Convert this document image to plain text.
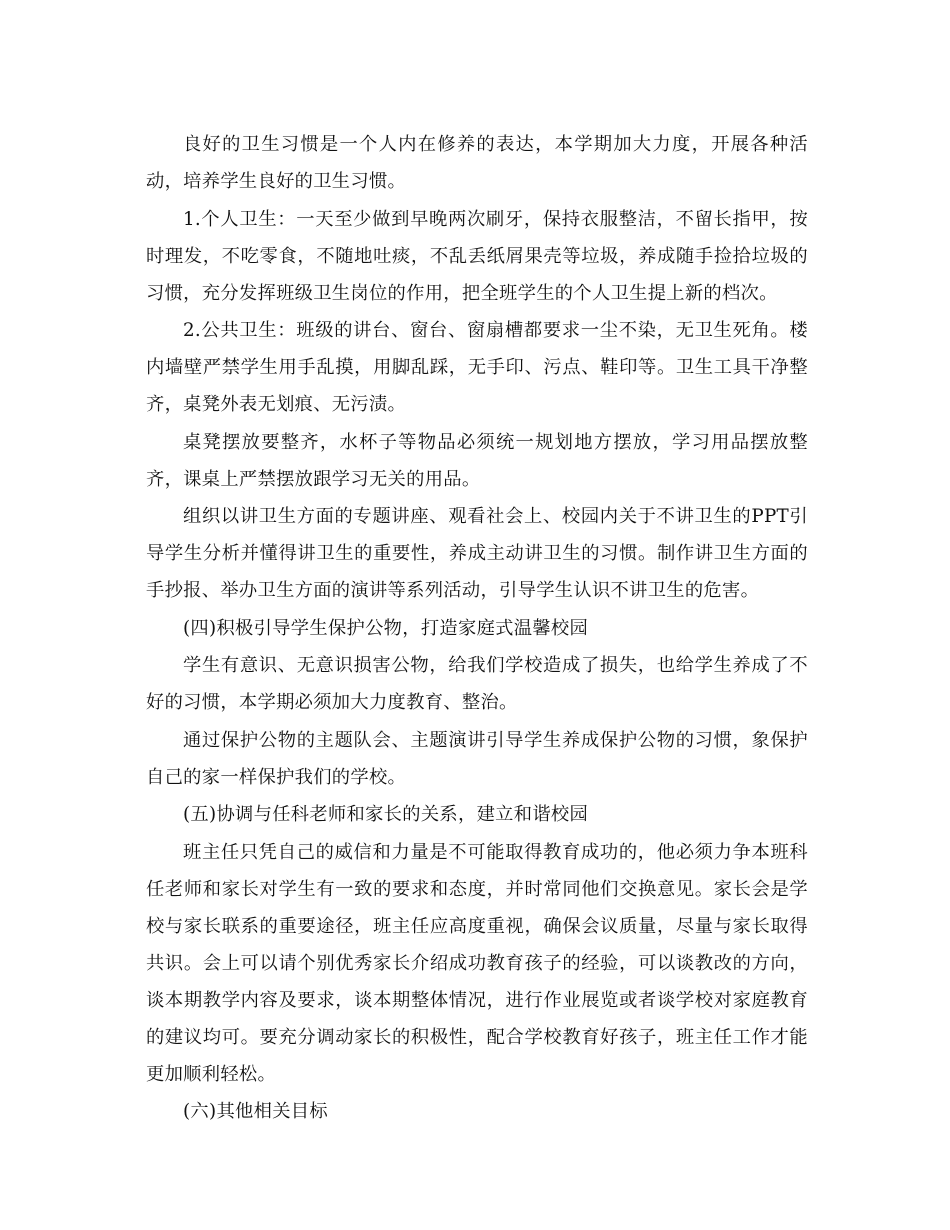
良好的卫生习惯是一个人内在修养的表达，本学期加大力度，开展各种活动，培养学生良好的卫生习惯。

1.个人卫生：一天至少做到早晚两次刷牙，保持衣服整洁，不留长指甲，按时理发，不吃零食，不随地吐痰，不乱丢纸屑果壳等垃圾，养成随手捡拾垃圾的习惯，充分发挥班级卫生岗位的作用，把全班学生的个人卫生提上新的档次。

2.公共卫生：班级的讲台、窗台、窗扇槽都要求一尘不染，无卫生死角。楼内墙壁严禁学生用手乱摸，用脚乱踩，无手印、污点、鞋印等。卫生工具干净整齐，桌凳外表无划痕、无污渍。

桌凳摆放要整齐，水杯子等物品必须统一规划地方摆放，学习用品摆放整齐，课桌上严禁摆放跟学习无关的用品。

组织以讲卫生方面的专题讲座、观看社会上、校园内关于不讲卫生的PPT引导学生分析并懂得讲卫生的重要性，养成主动讲卫生的习惯。制作讲卫生方面的手抄报、举办卫生方面的演讲等系列活动，引导学生认识不讲卫生的危害。

(四)积极引导学生保护公物，打造家庭式温馨校园

学生有意识、无意识损害公物，给我们学校造成了损失，也给学生养成了不好的习惯，本学期必须加大力度教育、整治。

通过保护公物的主题队会、主题演讲引导学生养成保护公物的习惯，象保护自己的家一样保护我们的学校。

(五)协调与任科老师和家长的关系，建立和谐校园

班主任只凭自己的威信和力量是不可能取得教育成功的，他必须力争本班科任老师和家长对学生有一致的要求和态度，并时常同他们交换意见。家长会是学校与家长联系的重要途径，班主任应高度重视，确保会议质量，尽量与家长取得共识。会上可以请个别优秀家长介绍成功教育孩子的经验，可以谈教改的方向，谈本期教学内容及要求，谈本期整体情况，进行作业展览或者谈学校对家庭教育的建议均可。要充分调动家长的积极性，配合学校教育好孩子，班主任工作才能更加顺利轻松。

(六)其他相关目标
